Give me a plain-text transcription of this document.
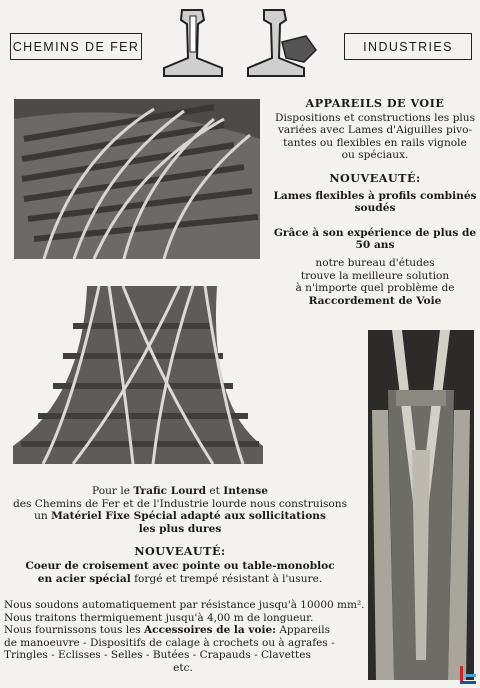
CHEMINS DE FER	INDUSTRIES
APPAREILS DE VOIE
Dispositions et constructions les plus
variées avec Lames d'Aiguilles pivo-
tantes ou flexibles en rails vignole
ou spéciaux.
NOUVEAUTÉ:
Lames flexibles à profils combinés
soudés
Grâce à son expérience de plus de
50 ans
notre bureau d'études
trouve la meilleure solution
à n'importe quel problème de
Raccordement de Voie
Pour le Trafic Lourd et Intense
des Chemins de Fer et de l'Industrie lourde nous construisons
un Matériel Fixe Spécial adapté aux sollicitations
les plus dures
NOUVEAUTÉ:
Coeur de croisement avec pointe ou table-monobloc
en acier spécial forgé et trempé résistant à l'usure.
Nous soudons automatiquement par résistance jusqu'à 10000 mm².
Nous traitons thermiquement jusqu'à 4,00 m de longueur.
Nous fournissons tous les Accessoires de la voie: Appareils
de manoeuvre - Dispositifs de calage à crochets ou à agrafes -
Tringles - Eclisses - Selles - Butées - Crapauds - Clavettes
etc.
